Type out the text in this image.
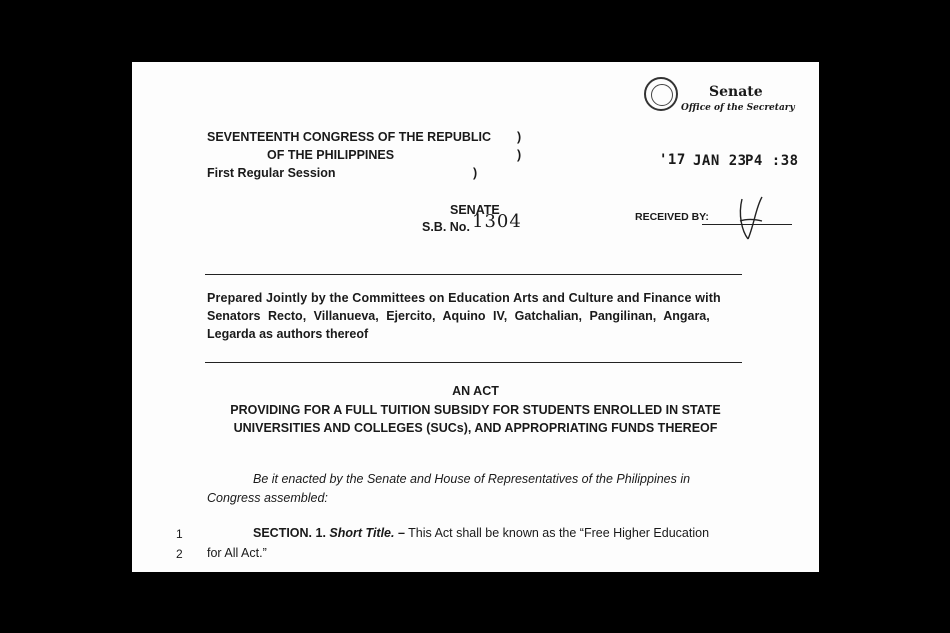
Senate
Office of the Secretary
SEVENTEENTH CONGRESS OF THE REPUBLIC
OF THE PHILIPPINES
First Regular Session
)
)
)
'17 JAN 23
P4 :38
SENATE
S.B. No. 1304	RECEIVED BY:
Prepared Jointly by the Committees on Education Arts and Culture and Finance with
Senators Recto, Villanueva, Ejercito, Aquino IV, Gatchalian, Pangilinan, Angara,
Legarda as authors thereof
AN ACT
PROVIDING FOR A FULL TUITION SUBSIDY FOR STUDENTS ENROLLED IN STATE
UNIVERSITIES AND COLLEGES (SUCs), AND APPROPRIATING FUNDS THEREOF
Be it enacted by the Senate and House of Representatives of the Philippines in
Congress assembled:
1
2
SECTION. 1. Short Title. – This Act shall be known as the “Free Higher Education
for All Act.”
